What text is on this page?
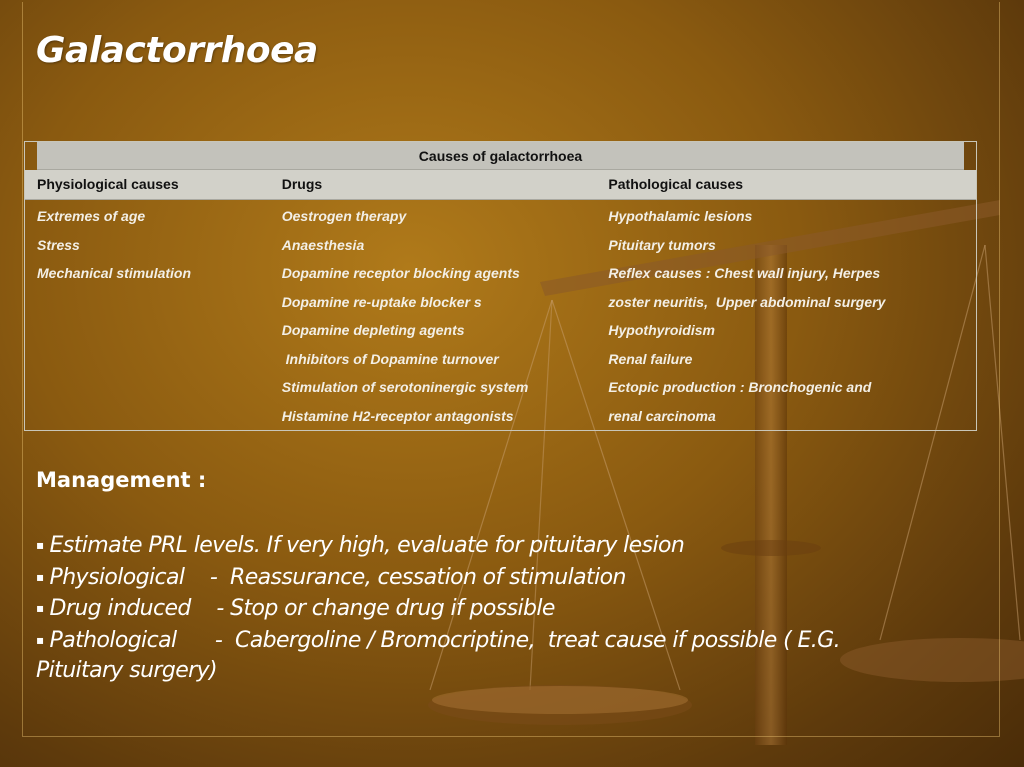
Galactorrhoea
Causes of galactorrhoea
Physiological causes	Drugs	Pathological causes
Extremes of age
Stress
Mechanical stimulation
Oestrogen therapy
Anaesthesia
Dopamine receptor blocking agents
Dopamine re-uptake blocker s
Dopamine depleting agents
Inhibitors of Dopamine turnover
Stimulation of serotoninergic system
Histamine H2-receptor antagonists
Hypothalamic lesions
Pituitary tumors
Reflex causes : Chest wall injury, Herpes
zoster neuritis,  Upper abdominal surgery
Hypothyroidism
Renal failure
Ectopic production : Bronchogenic and
renal carcinoma
Management :
▪ Estimate PRL levels. If very high, evaluate for pituitary lesion
▪ Physiological    -  Reassurance, cessation of stimulation
▪ Drug induced    - Stop or change drug if possible
▪ Pathological      -  Cabergoline / Bromocriptine,  treat cause if possible ( E.G.
Pituitary surgery)
